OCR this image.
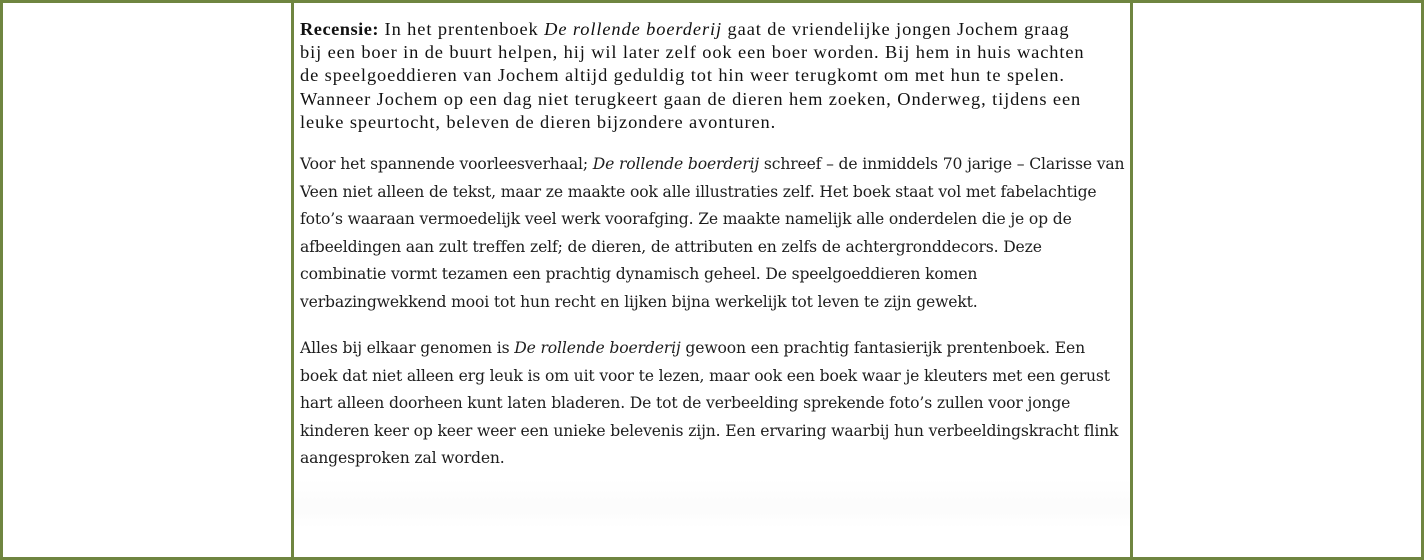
Recensie: In het prentenboek De rollende boerderij gaat de vriendelijke jongen Jochem graag bij een boer in de buurt helpen, hij wil later zelf ook een boer worden. Bij hem in huis wachten de speelgoeddieren van Jochem altijd geduldig tot hin weer terugkomt om met hun te spelen. Wanneer Jochem op een dag niet terugkeert gaan de dieren hem zoeken, Onderweg, tijdens een leuke speurtocht, beleven de dieren bijzondere avonturen.

Voor het spannende voorleesverhaal; De rollende boerderij schreef – de inmiddels 70 jarige – Clarisse van Veen niet alleen de tekst, maar ze maakte ook alle illustraties zelf. Het boek staat vol met fabelachtige foto’s waaraan vermoedelijk veel werk voorafging. Ze maakte namelijk alle onderdelen die je op de afbeeldingen aan zult treffen zelf; de dieren, de attributen en zelfs de achtergronddecors. Deze combinatie vormt tezamen een prachtig dynamisch geheel. De speelgoeddieren komen verbazingwekkend mooi tot hun recht en lijken bijna werkelijk tot leven te zijn gewekt.

Alles bij elkaar genomen is De rollende boerderij gewoon een prachtig fantasierijk prentenboek. Een boek dat niet alleen erg leuk is om uit voor te lezen, maar ook een boek waar je kleuters met een gerust hart alleen doorheen kunt laten bladeren. De tot de verbeelding sprekende foto’s zullen voor jonge kinderen keer op keer weer een unieke belevenis zijn. Een ervaring waarbij hun verbeeldingskracht flink aangesproken zal worden.
